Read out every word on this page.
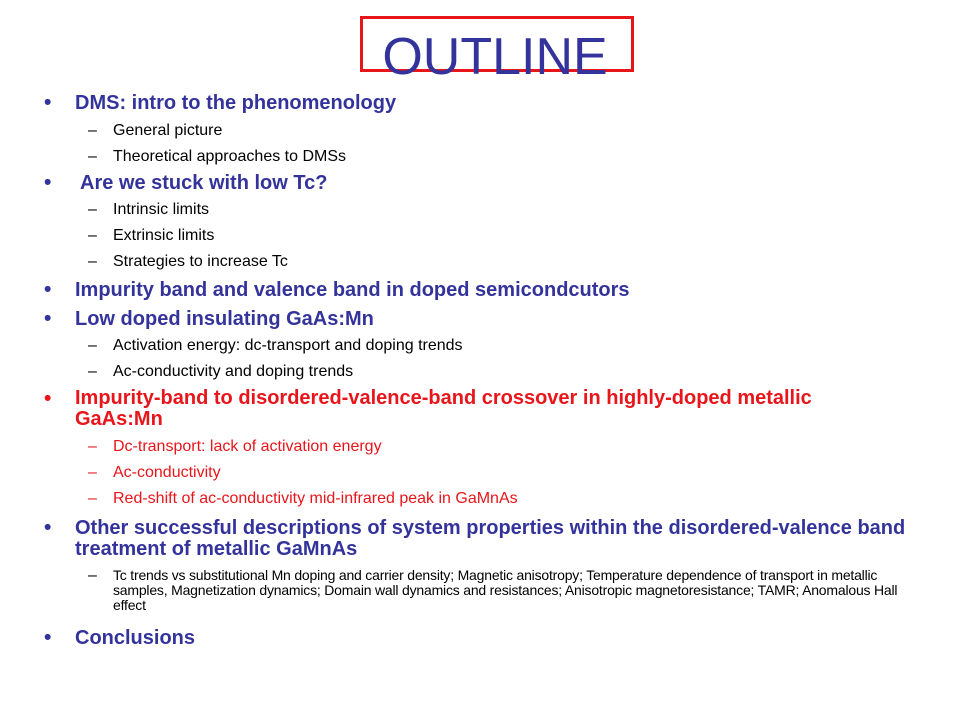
OUTLINE
• DMS: intro to the phenomenology
– General picture
– Theoretical approaches to DMSs
• Are we stuck with low Tc?
– Intrinsic limits
– Extrinsic limits
– Strategies to increase Tc
• Impurity band and valence band in doped semicondcutors
• Low doped insulating GaAs:Mn
– Activation energy: dc-transport and doping trends
– Ac-conductivity and doping trends
• Impurity-band to disordered-valence-band crossover in highly-doped metallic GaAs:Mn
– Dc-transport: lack of activation energy
– Ac-conductivity
– Red-shift of ac-conductivity mid-infrared peak in GaMnAs
• Other successful descriptions of system properties within the disordered-valence band treatment of metallic GaMnAs
– Tc trends vs substitutional Mn doping and carrier density; Magnetic anisotropy; Temperature dependence of transport in metallic samples, Magnetization dynamics; Domain wall dynamics and resistances; Anisotropic magnetoresistance; TAMR; Anomalous Hall effect
• Conclusions
